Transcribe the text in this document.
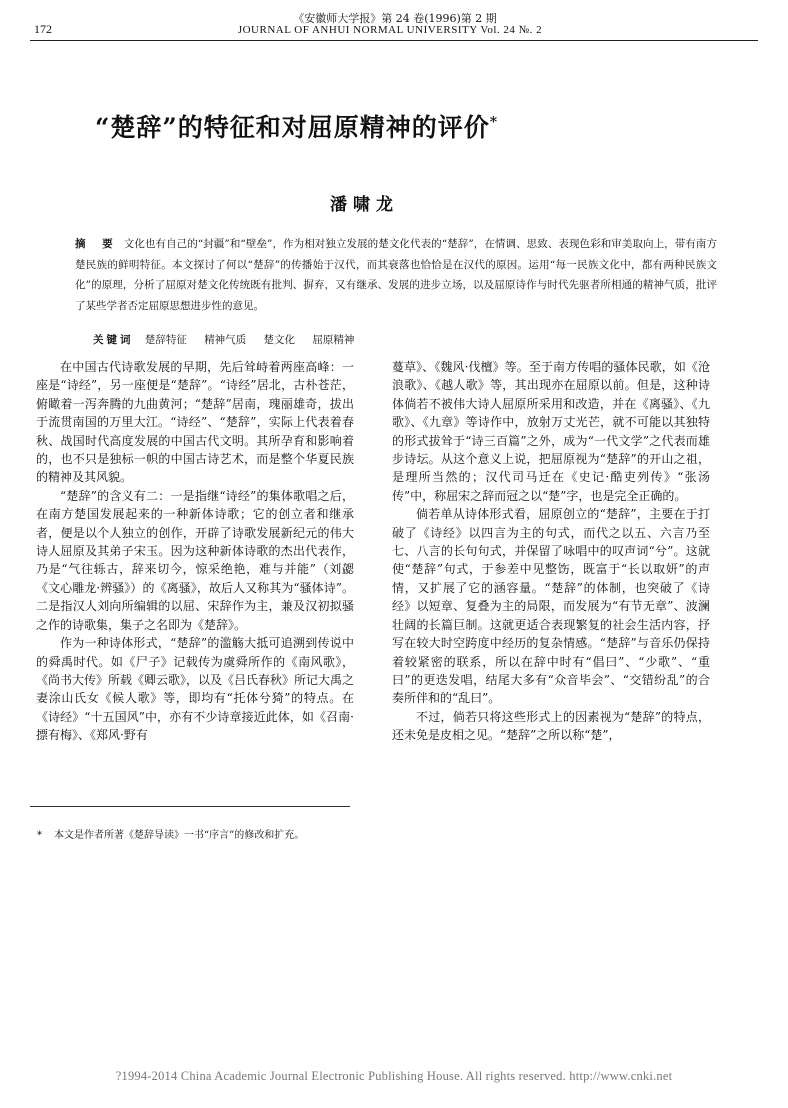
172
《安徽师大学报》第 24 卷(1996)第 2 期
JOURNAL OF ANHUI NORMAL UNIVERSITY Vol. 24 №. 2
“楚辞”的特征和对屈原精神的评价*
潘啸龙
摘　要 文化也有自己的“封疆”和“壁垒”，作为相对独立发展的楚文化代表的“楚辞”，在情调、思致、表现色彩和审美取向上，带有南方楚民族的鲜明特征。本文探讨了何以“楚辞”的传播始于汉代，而其衰落也恰恰是在汉代的原因。运用“每一民族文化中，都有两种民族文化”的原理，分析了屈原对楚文化传统既有批判、摒弃，又有继承、发展的进步立场，以及屈原诗作与时代先驱者所相通的精神气质，批评了某些学者否定屈原思想进步性的意见。
关键词 楚辞特征 精神气质 楚文化 屈原精神

在中国古代诗歌发展的早期，先后耸峙着两座高峰：一座是“诗经”，另一座便是“楚辞”。“诗经”居北，古朴苍茫，俯瞰着一泻奔腾的九曲黄河；“楚辞”居南，瑰丽雄奇，拔出于流贯南国的万里大江。“诗经”、“楚辞”，实际上代表着春秋、战国时代高度发展的中国古代文明。其所孕育和影响着的，也不只是独标一帜的中国古诗艺术，而是整个华夏民族的精神及其风貌。

“楚辞”的含义有二：一是指继“诗经”的集体歌唱之后，在南方楚国发展起来的一种新体诗歌；它的创立者和继承者，便是以个人独立的创作，开辟了诗歌发展新纪元的伟大诗人屈原及其弟子宋玉。因为这种新体诗歌的杰出代表作，乃是“气往轹古，辞来切今，惊采绝艳，难与并能”（刘勰《文心雕龙·辨骚》）的《离骚》，故后人又称其为“骚体诗”。二是指汉人刘向所编辑的以屈、宋辞作为主，兼及汉初拟骚之作的诗歌集，集子之名即为《楚辞》。

作为一种诗体形式，“楚辞”的滥觞大抵可追溯到传说中的舜禹时代。如《尸子》记载传为虞舜所作的《南风歌》，《尚书大传》所载《卿云歌》，以及《吕氏春秋》所记大禹之妻涂山氏女《候人歌》等，即均有“托体兮猗”的特点。在《诗经》“十五国风”中，亦有不少诗章接近此体，如《召南·摽有梅》、《郑风·野有

蔓草》、《魏风·伐檀》等。至于南方传唱的骚体民歌，如《沧浪歌》、《越人歌》等，其出现亦在屈原以前。但是，这种诗体倘若不被伟大诗人屈原所采用和改造，并在《离骚》、《九歌》、《九章》等诗作中，放射万丈光芒，就不可能以其独特的形式拔耸于“诗三百篇”之外，成为“一代文学”之代表而雄步诗坛。从这个意义上说，把屈原视为“楚辞”的开山之祖，是理所当然的；汉代司马迁在《史记·酷吏列传》“张汤传”中，称屈宋之辞而冠之以“楚”字，也是完全正确的。

倘若单从诗体形式看，屈原创立的“楚辞”，主要在于打破了《诗经》以四言为主的句式，而代之以五、六言乃至七、八言的长句句式，并保留了咏唱中的叹声词“兮”。这就使“楚辞”句式，于参差中见整饬，既富于“长以取妍”的声情，又扩展了它的涵容量。“楚辞”的体制，也突破了《诗经》以短章、复叠为主的局限，而发展为“有节无章”、波澜壮阔的长篇巨制。这就更适合表现繁复的社会生活内容，抒写在较大时空跨度中经历的复杂情感。“楚辞”与音乐仍保持着较紧密的联系，所以在辞中时有“倡曰”、“少歌”、“重曰”的更迭发唱，结尾大多有“众音毕会”、“交错纷乱”的合奏所伴和的“乱曰”。

不过，倘若只将这些形式上的因素视为“楚辞”的特点，还未免是皮相之见。“楚辞”之所以称“楚”，

* 本文是作者所著《楚辞导读》一书“序言”的修改和扩充。
?1994-2014 China Academic Journal Electronic Publishing House. All rights reserved. http://www.cnki.net
